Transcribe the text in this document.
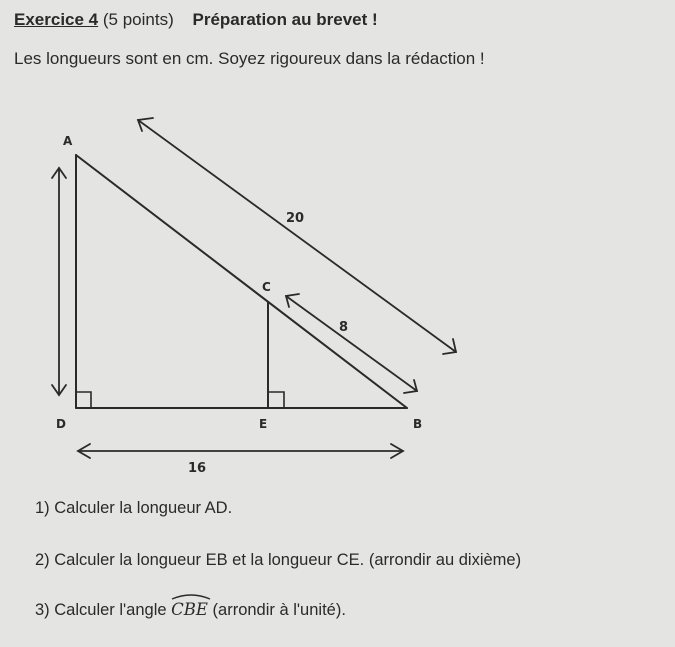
Exercice 4 (5 points) Préparation au brevet !
Les longueurs sont en cm. Soyez rigoureux dans la rédaction !
A
C
D	E	B
20
8
16
1) Calculer la longueur AD.
2) Calculer la longueur EB et la longueur CE. (arrondir au dixième)
3) Calculer l'angle CBE (arrondir à l'unité).
